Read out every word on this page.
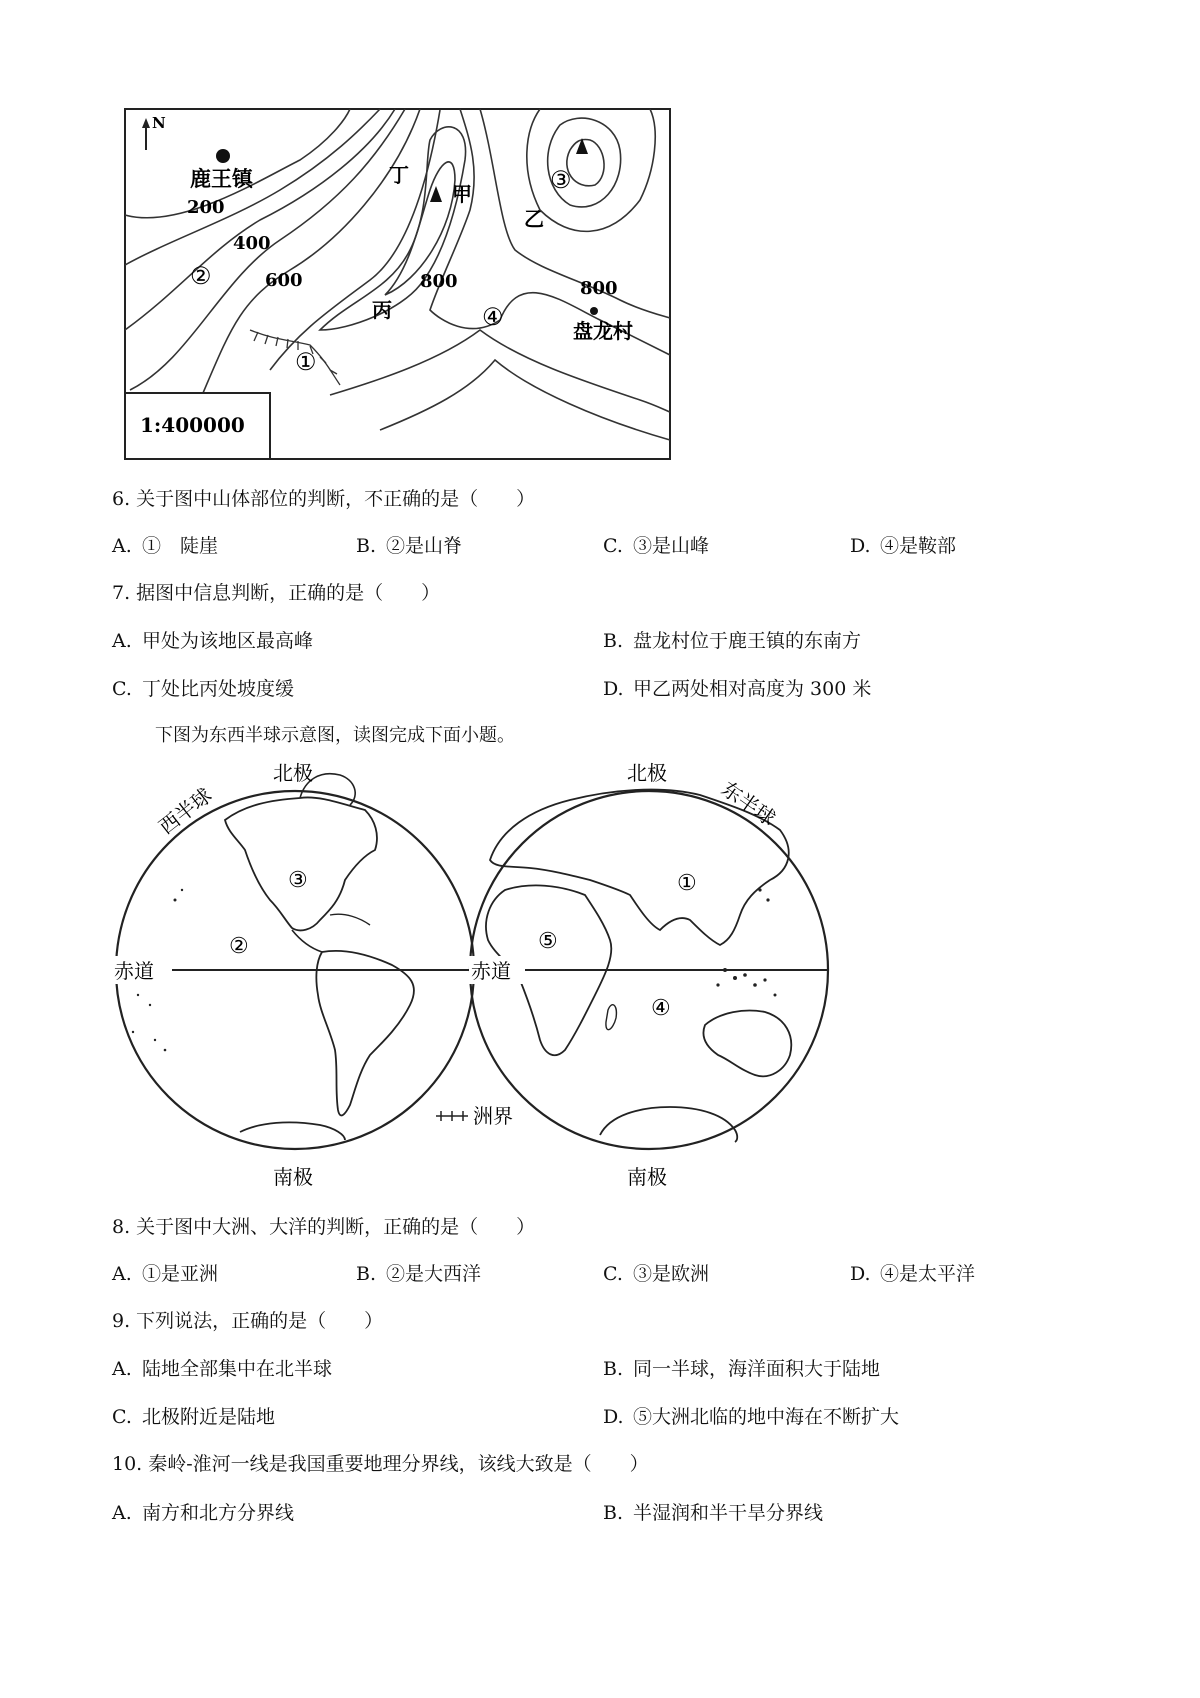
N
鹿王镇
盘龙村
200
400
600	800	800
甲
乙
丙
丁
①
②
③
④
1:400000
6. 关于图中山体部位的判断，不正确的是（　　）
A. ①　陡崖	B. ②是山脊	C. ③是山峰	D. ④是鞍部
7. 据图中信息判断，正确的是（　　）
A. 甲处为该地区最高峰	B. 盘龙村位于鹿王镇的东南方
C. 丁处比丙处坡度缓	D. 甲乙两处相对高度为 300 米
下图为东西半球示意图，读图完成下面小题。
北极	北极
南极	南极
西半球	东半球
赤道	赤道
③
②
①
⑤
④
洲界
8. 关于图中大洲、大洋的判断，正确的是（　　）
A. ①是亚洲	B. ②是大西洋	C. ③是欧洲	D. ④是太平洋
9. 下列说法，正确的是（　　）
A. 陆地全部集中在北半球	B. 同一半球，海洋面积大于陆地
C. 北极附近是陆地	D. ⑤大洲北临的地中海在不断扩大
10. 秦岭-淮河一线是我国重要地理分界线，该线大致是（　　）
A. 南方和北方分界线	B. 半湿润和半干旱分界线
